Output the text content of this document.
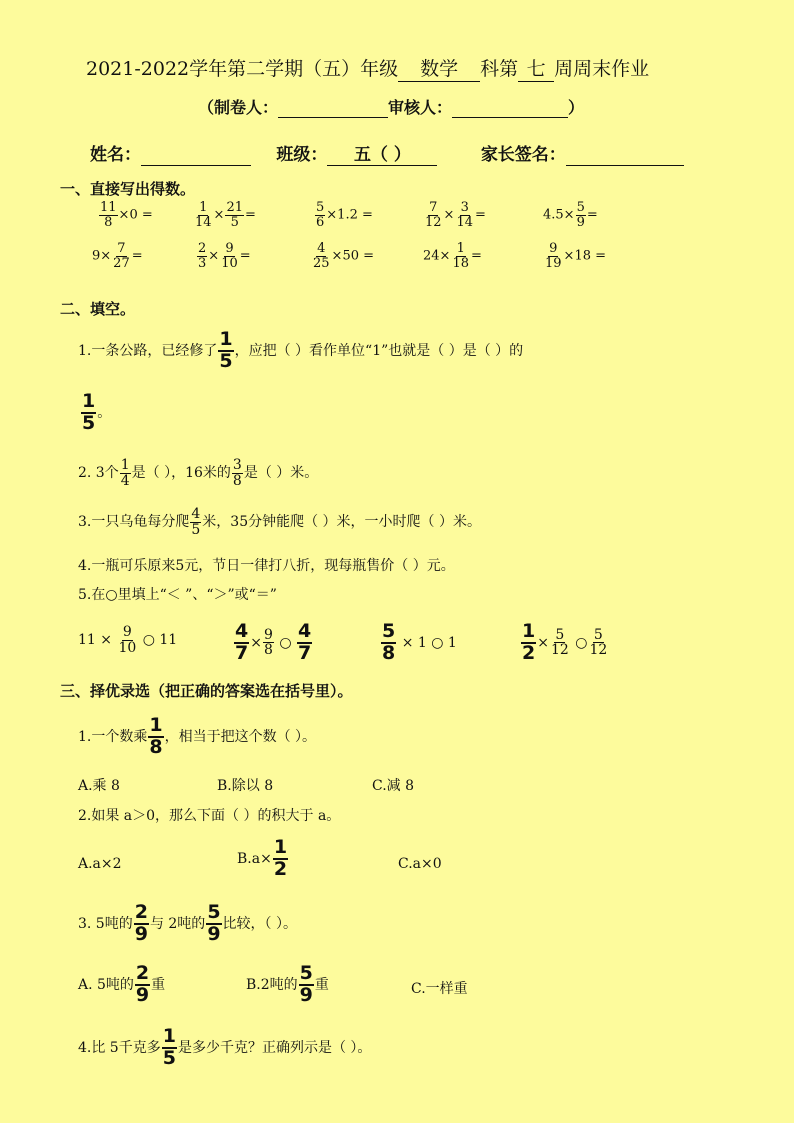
2021-2022学年第二学期（五）年级 数学 科第 七 周周末作业
（制卷人：	审核人：	）
姓名：	班级： 五（ ）	家长签名：
一、直接写出得数。
$\frac{11}{8} \times 0$ =	$\frac{1}{14} \times \frac{21}{5}$ =	$\frac{5}{6} \times 1.2$ =	$\frac{7}{12} \times \frac{3}{14}$ =	$4.5\times \frac{5}{9}$ =
$9\times \frac{7}{27}$ =	$\frac{2}{3} \times \frac{9}{10}$ =	$\frac{4}{25} \times 50$ =	$24\times \frac{1}{18}$ =	$\frac{9}{19} \times 18$ =
二、填空。
1.一条公路，已经修了 $\frac{1}{5}$ ，应把（ ）看作单位“1”也就是（ ）是（ ）的
$\frac{1}{5}$ 。
2. 3个 $\frac{1}{4}$ 是（ ），16米的 $\frac{3}{8}$ 是（ ）米。
3.一只乌龟每分爬 $\frac{4}{5}$ 米，35分钟能爬（ ）米，一小时爬（ ）米。
4.一瓶可乐原来5元，节日一律打八折，现每瓶售价（ ）元。
5.在○里填上“＜ ”、“＞”或“＝”
$11 \times \frac{9}{10}$ ○ 11	$\frac{4}{7} \times \frac{9}{8}$ ○ $\frac{4}{7}$	$\frac{5}{8} \times 1$ ○ 1	$\frac{1}{2} \times \frac{5}{12}$ ○ $\frac{5}{12}$
三、择优录选（把正确的答案选在括号里）。
1.一个数乘 $\frac{1}{8}$ ，相当于把这个数（ ）。
A.乘 8	B.除以 8	C.减 8
2.如果 a＞0，那么下面（ ）的积大于 a。
A.a×2	$B.a\times \frac{1}{2}$	C.a×0
3. 5吨的 $\frac{2}{9}$ 与 2吨的 $\frac{5}{9}$ 比较，（ ）。
A. 5吨的 $\frac{2}{9}$ 重	B.2吨的 $\frac{5}{9}$ 重	C.一样重
4.比 5千克多 $\frac{1}{5}$ 是多少千克？正确列示是（ ）。
